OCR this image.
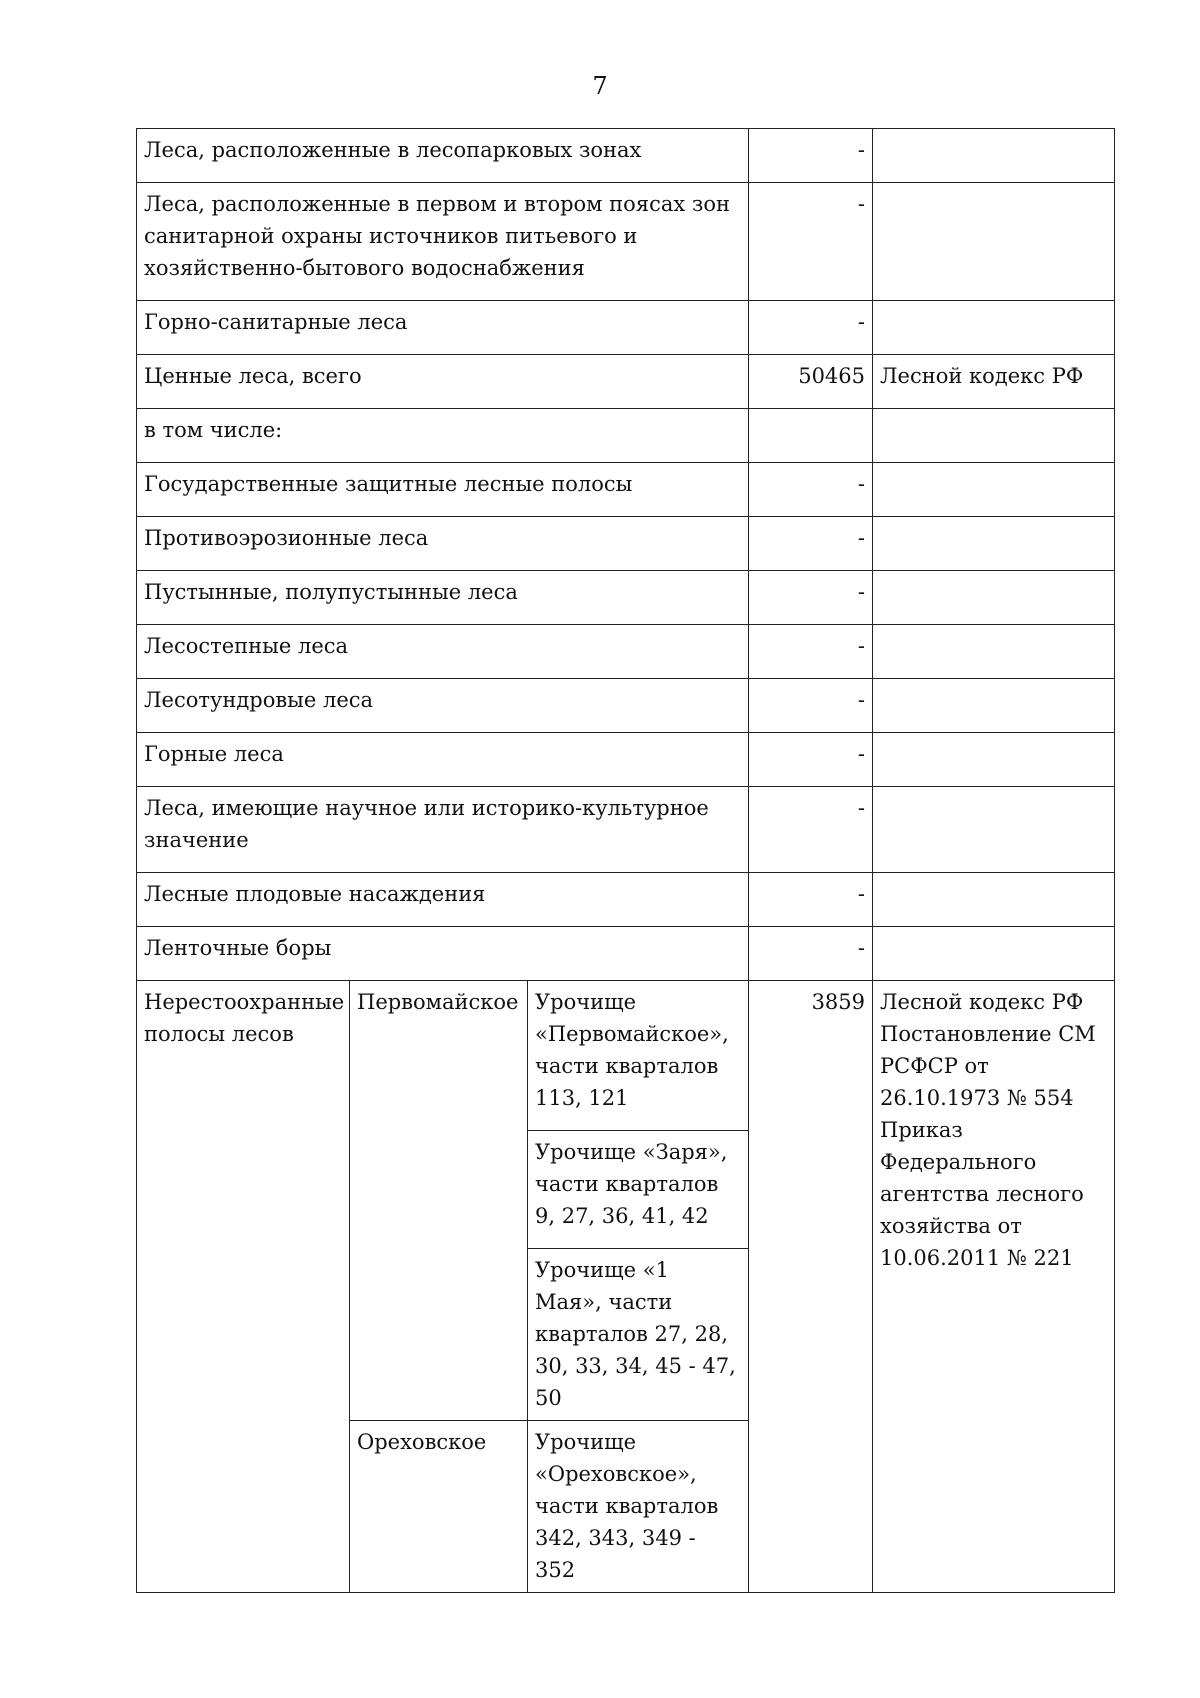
7
Леса, расположенные в лесопарковых зонах			-	
Леса, расположенные в первом и втором поясах зон санитарной охраны источников питьевого и хозяйственно-бытового водоснабжения			-	
Горно-санитарные леса			-	
Ценные леса, всего			50465	Лесной кодекс РФ
в том числе:				
Государственные защитные лесные полосы			-	
Противоэрозионные леса			-	
Пустынные, полупустынные леса			-	
Лесостепные леса			-	
Лесотундровые леса			-	
Горные леса			-	
Леса, имеющие научное или историко-культурное значение			-	
Лесные плодовые насаждения			-	
Ленточные боры			-	
Нерестоохранные полосы лесов	Первомайское	Урочище «Первомайское», части кварталов 113, 121	3859	Лесной кодекс РФ Постановление СМ РСФСР от 26.10.1973 № 554 Приказ Федерального агентства лесного хозяйства от 10.06.2011 № 221
		Урочище «Заря», части кварталов 9, 27, 36, 41, 42		
		Урочище «1 Мая», части кварталов 27, 28, 30, 33, 34, 45 - 47, 50		
	Ореховское	Урочище «Ореховское», части кварталов 342, 343, 349 - 352		
